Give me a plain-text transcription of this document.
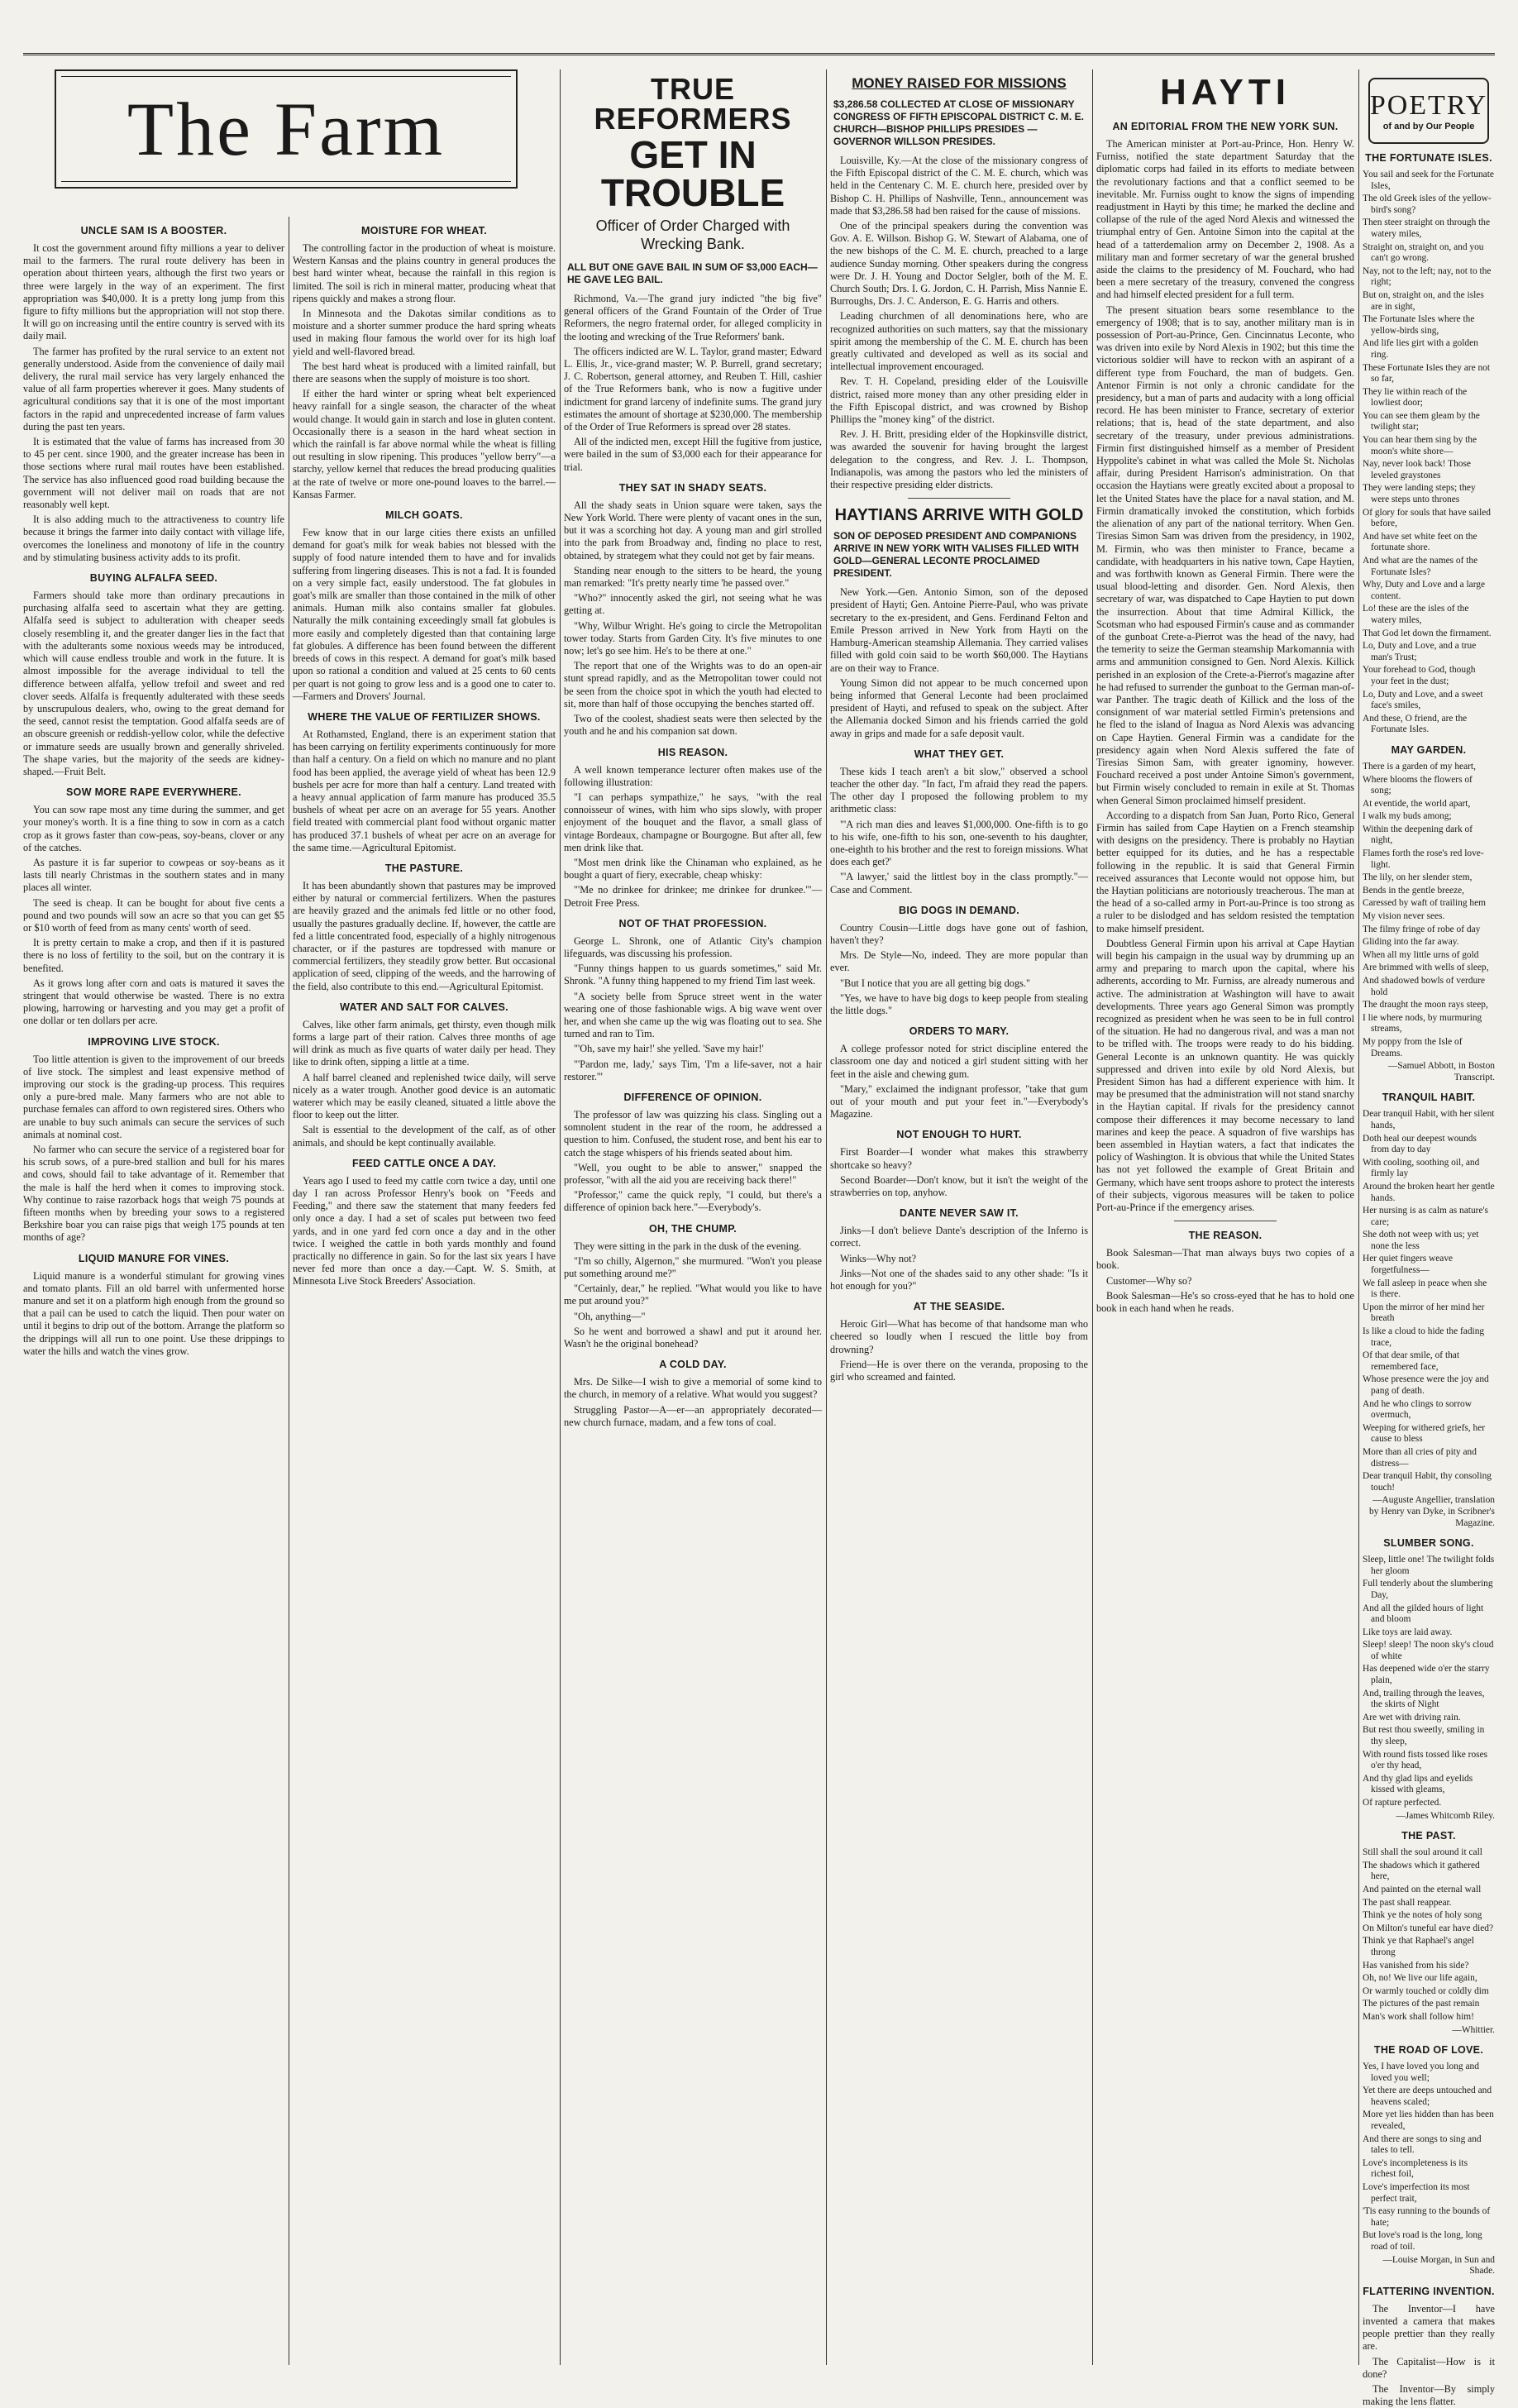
The Farm
UNCLE SAM IS A BOOSTER.

It cost the government around fifty millions a year to deliver mail to the farmers. The rural route delivery has been in operation about thirteen years, although the first two years or three were largely in the way of an experiment. The first appropriation was $40,000. It is a pretty long jump from this figure to fifty millions but the appropriation will not stop there. It will go on increasing until the entire country is served with its daily mail.

The farmer has profited by the rural service to an extent not generally understood. Aside from the convenience of daily mail delivery, the rural mail service has very largely enhanced the value of all farm properties wherever it goes. Many students of agricultural conditions say that it is one of the most important factors in the rapid and unprecedented increase of farm values during the past ten years.

It is estimated that the value of farms has increased from 30 to 45 per cent. since 1900, and the greater increase has been in those sections where rural mail routes have been established. The service has also influenced good road building because the government will not deliver mail on roads that are not reasonably well kept.

It is also adding much to the attractiveness to country life because it brings the farmer into daily contact with village life, overcomes the loneliness and monotony of life in the country and by stimulating business activity adds to its profit.

BUYING ALFALFA SEED.

Farmers should take more than ordinary precautions in purchasing alfalfa seed to ascertain what they are getting. Alfalfa seed is subject to adulteration with cheaper seeds closely resembling it, and the greater danger lies in the fact that with the adulterants some noxious weeds may be introduced, which will cause endless trouble and work in the future. It is almost impossible for the average individual to tell the difference between alfalfa, yellow trefoil and sweet and red clover seeds. Alfalfa is frequently adulterated with these seeds by unscrupulous dealers, who, owing to the great demand for the seed, cannot resist the temptation. Good alfalfa seeds are of an obscure greenish or reddish-yellow color, while the defective or immature seeds are usually brown and generally shriveled. The shape varies, but the majority of the seeds are kidney-shaped.—Fruit Belt.

SOW MORE RAPE EVERYWHERE.

You can sow rape most any time during the summer, and get your money's worth. It is a fine thing to sow in corn as a catch crop as it grows faster than cow-peas, soy-beans, clover or any of the catches.

As pasture it is far superior to cowpeas or soy-beans as it lasts till nearly Christmas in the southern states and in many places all winter.

The seed is cheap. It can be bought for about five cents a pound and two pounds will sow an acre so that you can get $5 or $10 worth of feed from as many cents' worth of seed.

It is pretty certain to make a crop, and then if it is pastured there is no loss of fertility to the soil, but on the contrary it is benefited.

As it grows long after corn and oats is matured it saves the stringent that would otherwise be wasted. There is no extra plowing, harrowing or harvesting and you may get a profit of one dollar or ten dollars per acre.

IMPROVING LIVE STOCK.

Too little attention is given to the improvement of our breeds of live stock. The simplest and least expensive method of improving our stock is the grading-up process. This requires only a pure-bred male. Many farmers who are not able to purchase females can afford to own registered sires. Others who are unable to buy such animals can secure the services of such animals at nominal cost.

No farmer who can secure the service of a registered boar for his scrub sows, of a pure-bred stallion and bull for his mares and cows, should fail to take advantage of it. Remember that the male is half the herd when it comes to improving stock. Why continue to raise razorback hogs that weigh 75 pounds at fifteen months when by breeding your sows to a registered Berkshire boar you can raise pigs that weigh 175 pounds at ten months of age?

LIQUID MANURE FOR VINES.

Liquid manure is a wonderful stimulant for growing vines and tomato plants. Fill an old barrel with unfermented horse manure and set it on a platform high enough from the ground so that a pail can be used to catch the liquid. Then pour water on until it begins to drip out of the bottom. Arrange the platform so the drippings will all run to one point. Use these drippings to water the hills and watch the vines grow.

MOISTURE FOR WHEAT.

The controlling factor in the production of wheat is moisture. Western Kansas and the plains country in general produces the best hard winter wheat, because the rainfall in this region is limited. The soil is rich in mineral matter, producing wheat that ripens quickly and makes a strong flour.

In Minnesota and the Dakotas similar conditions as to moisture and a shorter summer produce the hard spring wheats used in making flour famous the world over for its high loaf yield and well-flavored bread.

The best hard wheat is produced with a limited rainfall, but there are seasons when the supply of moisture is too short.

If either the hard winter or spring wheat belt experienced heavy rainfall for a single season, the character of the wheat would change. It would gain in starch and lose in gluten content. Occasionally there is a season in the hard wheat section in which the rainfall is far above normal while the wheat is filling out resulting in slow ripening. This produces "yellow berry"—a starchy, yellow kernel that reduces the bread producing qualities at the rate of twelve or more one-pound loaves to the barrel.—Kansas Farmer.

MILCH GOATS.

Few know that in our large cities there exists an unfilled demand for goat's milk for weak babies not blessed with the supply of food nature intended them to have and for invalids suffering from lingering diseases. This is not a fad. It is founded on a very simple fact, easily understood. The fat globules in goat's milk are smaller than those contained in the milk of other animals. Human milk also contains smaller fat globules. Naturally the milk containing exceedingly small fat globules is more easily and completely digested than that containing large fat globules. A difference has been found between the different breeds of cows in this respect. A demand for goat's milk based upon so rational a condition and valued at 25 cents to 60 cents per quart is not going to grow less and is a good one to cater to.—Farmers and Drovers' Journal.

WHERE THE VALUE OF FERTILIZER SHOWS.

At Rothamsted, England, there is an experiment station that has been carrying on fertility experiments continuously for more than half a century. On a field on which no manure and no plant food has been applied, the average yield of wheat has been 12.9 bushels per acre for more than half a century. Land treated with a heavy annual application of farm manure has produced 35.5 bushels of wheat per acre on an average for 55 years. Another field treated with commercial plant food without organic matter has produced 37.1 bushels of wheat per acre on an average for the same time.—Agricultural Epitomist.

THE PASTURE.

It has been abundantly shown that pastures may be improved either by natural or commercial fertilizers. When the pastures are heavily grazed and the animals fed little or no other food, usually the pastures gradually decline. If, however, the cattle are fed a little concentrated food, especially of a highly nitrogenous character, or if the pastures are topdressed with manure or commercial fertilizers, they steadily grow better. But occasional application of seed, clipping of the weeds, and the harrowing of the field, also contribute to this end.—Agricultural Epitomist.

WATER AND SALT FOR CALVES.

Calves, like other farm animals, get thirsty, even though milk forms a large part of their ration. Calves three months of age will drink as much as five quarts of water daily per head. They like to drink often, sipping a little at a time.

A half barrel cleaned and replenished twice daily, will serve nicely as a water trough. Another good device is an automatic waterer which may be easily cleaned, situated a little above the floor to keep out the litter.

Salt is essential to the development of the calf, as of other animals, and should be kept continually available.

FEED CATTLE ONCE A DAY.

Years ago I used to feed my cattle corn twice a day, until one day I ran across Professor Henry's book on "Feeds and Feeding," and there saw the statement that many feeders fed only once a day. I had a set of scales put between two feed yards, and in one yard fed corn once a day and in the other twice. I weighed the cattle in both yards monthly and found practically no difference in gain. So for the last six years I have never fed more than once a day.—Capt. W. S. Smith, at Minnesota Live Stock Breeders' Association.

TRUE REFORMERS
GET IN TROUBLE
Officer of Order Charged with Wrecking Bank.
ALL BUT ONE GAVE BAIL IN SUM OF $3,000 EACH—HE GAVE LEG BAIL.

Richmond, Va.—The grand jury indicted "the big five" general officers of the Grand Fountain of the Order of True Reformers, the negro fraternal order, for alleged complicity in the looting and wrecking of the True Reformers' bank.

The officers indicted are W. L. Taylor, grand master; Edward L. Ellis, Jr., vice-grand master; W. P. Burrell, grand secretary; J. C. Robertson, general attorney, and Reuben T. Hill, cashier of the True Reformers bank, who is now a fugitive under indictment for grand larceny of indefinite sums. The grand jury estimates the amount of shortage at $230,000. The membership of the Order of True Reformers is spread over 28 states.

All of the indicted men, except Hill the fugitive from justice, were bailed in the sum of $3,000 each for their appearance for trial.

THEY SAT IN SHADY SEATS.

All the shady seats in Union square were taken, says the New York World. There were plenty of vacant ones in the sun, but it was a scorching hot day. A young man and girl strolled into the park from Broadway and, finding no place to rest, obtained, by strategem what they could not get by fair means.

Standing near enough to the sitters to be heard, the young man remarked: "It's pretty nearly time 'he passed over."

"Who?" innocently asked the girl, not seeing what he was getting at.

"Why, Wilbur Wright. He's going to circle the Metropolitan tower today. Starts from Garden City. It's five minutes to one now; let's go see him. He's to be there at one."

The report that one of the Wrights was to do an open-air stunt spread rapidly, and as the Metropolitan tower could not be seen from the choice spot in which the youth had elected to sit, more than half of those occupying the benches started off.

Two of the coolest, shadiest seats were then selected by the youth and he and his companion sat down.

HIS REASON.

A well known temperance lecturer often makes use of the following illustration:

"I can perhaps sympathize," he says, "with the real connoisseur of wines, with him who sips slowly, with proper enjoyment of the bouquet and the flavor, a small glass of vintage Bordeaux, champagne or Bourgogne. But after all, few men drink like that.

"Most men drink like the Chinaman who explained, as he bought a quart of fiery, execrable, cheap whisky:

"'Me no drinkee for drinkee; me drinkee for drunkee.'"—Detroit Free Press.

NOT OF THAT PROFESSION.

George L. Shronk, one of Atlantic City's champion lifeguards, was discussing his profession.

"Funny things happen to us guards sometimes," said Mr. Shronk. "A funny thing happened to my friend Tim last week.

"A society belle from Spruce street went in the water wearing one of those fashionable wigs. A big wave went over her, and when she came up the wig was floating out to sea. She turned and ran to Tim.

"'Oh, save my hair!' she yelled. 'Save my hair!'

"'Pardon me, lady,' says Tim, 'I'm a life-saver, not a hair restorer.'"

DIFFERENCE OF OPINION.

The professor of law was quizzing his class. Singling out a somnolent student in the rear of the room, he addressed a question to him. Confused, the student rose, and bent his ear to catch the stage whispers of his friends seated about him.

"Well, you ought to be able to answer," snapped the professor, "with all the aid you are receiving back there!"

"Professor," came the quick reply, "I could, but there's a difference of opinion back here."—Everybody's.

OH, THE CHUMP.

They were sitting in the park in the dusk of the evening.

"I'm so chilly, Algernon," she murmured. "Won't you please put something around me?"

"Certainly, dear," he replied. "What would you like to have me put around you?"

"Oh, anything—"

So he went and borrowed a shawl and put it around her. Wasn't he the original bonehead?

A COLD DAY.

Mrs. De Silke—I wish to give a memorial of some kind to the church, in memory of a relative. What would you suggest?

Struggling Pastor—A—er—an appropriately decorated—new church furnace, madam, and a few tons of coal.

MONEY RAISED FOR MISSIONS
$3,286.58 COLLECTED AT CLOSE OF MISSIONARY CONGRESS OF FIFTH EPISCOPAL DISTRICT C. M. E. CHURCH—BISHOP PHILLIPS PRESIDES — GOVERNOR WILLSON PRESIDES.

Louisville, Ky.—At the close of the missionary congress of the Fifth Episcopal district of the C. M. E. church, which was held in the Centenary C. M. E. church here, presided over by Bishop C. H. Phillips of Nashville, Tenn., announcement was made that $3,286.58 had ben raised for the cause of missions.

One of the principal speakers during the convention was Gov. A. E. Willson. Bishop G. W. Stewart of Alabama, one of the new bishops of the C. M. E. church, preached to a large audience Sunday morning. Other speakers during the congress were Dr. J. H. Young and Doctor Selgler, both of the M. E. Church South; Drs. I. G. Jordon, C. H. Parrish, Miss Nannie E. Burroughs, Drs. J. C. Anderson, E. G. Harris and others.

Leading churchmen of all denominations here, who are recognized authorities on such matters, say that the missionary spirit among the membership of the C. M. E. church has been greatly cultivated and developed as well as its social and intellectual improvement encouraged.

Rev. T. H. Copeland, presiding elder of the Louisville district, raised more money than any other presiding elder in the Fifth Episcopal district, and was crowned by Bishop Phillips the "money king" of the district.

Rev. J. H. Britt, presiding elder of the Hopkinsville district, was awarded the souvenir for having brought the largest delegation to the congress, and Rev. J. L. Thompson, Indianapolis, was among the pastors who led the ministers of their respective presiding elder districts.

HAYTIANS ARRIVE WITH GOLD
SON OF DEPOSED PRESIDENT AND COMPANIONS ARRIVE IN NEW YORK WITH VALISES FILLED WITH GOLD—GENERAL LECONTE PROCLAIMED PRESIDENT.

New York.—Gen. Antonio Simon, son of the deposed president of Hayti; Gen. Antoine Pierre-Paul, who was private secretary to the ex-president, and Gens. Ferdinand Felton and Emile Presson arrived in New York from Hayti on the Hamburg-American steamship Allemania. They carried valises filled with gold coin said to be worth $60,000. The Haytians are on their way to France.

Young Simon did not appear to be much concerned upon being informed that General Leconte had been proclaimed president of Hayti, and refused to speak on the subject. After the Allemania docked Simon and his friends carried the gold away in grips and made for a safe deposit vault.

WHAT THEY GET.

These kids I teach aren't a bit slow," observed a school teacher the other day. "In fact, I'm afraid they read the papers. The other day I proposed the following problem to my arithmetic class:

"'A rich man dies and leaves $1,000,000. One-fifth is to go to his wife, one-fifth to his son, one-seventh to his daughter, one-eighth to his brother and the rest to foreign missions. What does each get?'

"'A lawyer,' said the littlest boy in the class promptly."—Case and Comment.

BIG DOGS IN DEMAND.

Country Cousin—Little dogs have gone out of fashion, haven't they?

Mrs. De Style—No, indeed. They are more popular than ever.

"But I notice that you are all getting big dogs."

"Yes, we have to have big dogs to keep people from stealing the little dogs."

ORDERS TO MARY.

A college professor noted for strict discipline entered the classroom one day and noticed a girl student sitting with her feet in the aisle and chewing gum.

"Mary," exclaimed the indignant professor, "take that gum out of your mouth and put your feet in."—Everybody's Magazine.

NOT ENOUGH TO HURT.

First Boarder—I wonder what makes this strawberry shortcake so heavy?

Second Boarder—Don't know, but it isn't the weight of the strawberries on top, anyhow.

DANTE NEVER SAW IT.

Jinks—I don't believe Dante's description of the Inferno is correct.

Winks—Why not?

Jinks—Not one of the shades said to any other shade: "Is it hot enough for you?"

AT THE SEASIDE.

Heroic Girl—What has become of that handsome man who cheered so loudly when I rescued the little boy from drowning?

Friend—He is over there on the veranda, proposing to the girl who screamed and fainted.

HAYTI
AN EDITORIAL FROM THE NEW YORK SUN.

The American minister at Port-au-Prince, Hon. Henry W. Furniss, notified the state department Saturday that the diplomatic corps had failed in its efforts to mediate between the revolutionary factions and that a conflict seemed to be inevitable. Mr. Furniss ought to know the signs of impending readjustment in Hayti by this time; he marked the decline and collapse of the rule of the aged Nord Alexis and witnessed the triumphal entry of Gen. Antoine Simon into the capital at the head of a tatterdemalion army on December 2, 1908. As a military man and former secretary of war the general brushed aside the claims to the presidency of M. Fouchard, who had been a mere secretary of the treasury, convened the congress and had himself elected president for a full term.

The present situation bears some resemblance to the emergency of 1908; that is to say, another military man is in possession of Port-au-Prince, Gen. Cincinnatus Leconte, who was driven into exile by Nord Alexis in 1902; but this time the victorious soldier will have to reckon with an aspirant of a different type from Fouchard, the man of budgets. Gen. Antenor Firmin is not only a chronic candidate for the presidency, but a man of parts and audacity with a long official record. He has been minister to France, secretary of exterior relations; that is, head of the state department, and also secretary of the treasury, under previous administrations. Firmin first distinguished himself as a member of President Hyppolite's cabinet in what was called the Mole St. Nicholas affair, during President Harrison's administration. On that occasion the Haytians were greatly excited about a proposal to let the United States have the place for a naval station, and M. Firmin dramatically invoked the constitution, which forbids the alienation of any part of the national territory. When Gen. Tiresias Simon Sam was driven from the presidency, in 1902, M. Firmin, who was then minister to France, became a candidate, with headquarters in his native town, Cape Haytien, and was forthwith known as General Firmin. There were the usual blood-letting and disorder. Gen. Nord Alexis, then secretary of war, was dispatched to Cape Haytien to put down the insurrection. About that time Admiral Killick, the Scotsman who had espoused Firmin's cause and as commander of the gunboat Crete-a-Pierrot was the head of the navy, had the temerity to seize the German steamship Markomannia with arms and ammunition consigned to Gen. Nord Alexis. Killick perished in an explosion of the Crete-a-Pierrot's magazine after he had refused to surrender the gunboat to the German man-of-war Panther. The tragic death of Killick and the loss of the consignment of war material settled Firmin's pretensions and he fled to the island of Inagua as Nord Alexis was advancing on Cape Haytien. General Firmin was a candidate for the presidency again when Nord Alexis suffered the fate of Tiresias Simon Sam, with greater ignominy, however. Fouchard received a post under Antoine Simon's government, but Firmin wisely concluded to remain in exile at St. Thomas when General Simon proclaimed himself president.

According to a dispatch from San Juan, Porto Rico, General Firmin has sailed from Cape Haytien on a French steamship with designs on the presidency. There is probably no Haytian better equipped for its duties, and he has a respectable following in the republic. It is said that General Firmin received assurances that Leconte would not oppose him, but the Haytian politicians are notoriously treacherous. The man at the head of a so-called army in Port-au-Prince is too strong as a ruler to be dislodged and has seldom resisted the temptation to make himself president.

Doubtless General Firmin upon his arrival at Cape Haytian will begin his campaign in the usual way by drumming up an army and preparing to march upon the capital, where his adherents, according to Mr. Furniss, are already numerous and active. The administration at Washington will have to await developments. Three years ago General Simon was promptly recognized as president when he was seen to be in full control of the situation. He had no dangerous rival, and was a man not to be trifled with. The troops were ready to do his bidding. General Leconte is an unknown quantity. He was quickly suppressed and driven into exile by old Nord Alexis, but President Simon has had a different experience with him. It may be presumed that the administration will not stand snarchy in the Haytian capital. If rivals for the presidency cannot compose their differences it may become necessary to land marines and keep the peace. A squadron of five warships has been assembled in Haytian waters, a fact that indicates the policy of Washington. It is obvious that while the United States has not yet followed the example of Great Britain and Germany, which have sent troops ashore to protect the interests of their subjects, vigorous measures will be taken to police Port-au-Prince if the emergency arises.

THE REASON.

Book Salesman—That man always buys two copies of a book.

Customer—Why so?

Book Salesman—He's so cross-eyed that he has to hold one book in each hand when he reads.

POETRY
of and by Our People
THE FORTUNATE ISLES.
You sail and seek for the Fortunate Isles,
The old Greek isles of the yellow-bird's song?
Then steer straight on through the watery miles,
Straight on, straight on, and you can't go wrong.
Nay, not to the left; nay, not to the right;
But on, straight on, and the isles are in sight,
The Fortunate Isles where the yellow-birds sing,
And life lies girt with a golden ring.
These Fortunate Isles they are not so far,
They lie within reach of the lowliest door;
You can see them gleam by the twilight star;
You can hear them sing by the moon's white shore—
Nay, never look back! Those leveled graystones
They were landing steps; they were steps unto thrones
Of glory for souls that have sailed before,
And have set white feet on the fortunate shore.
And what are the names of the Fortunate Isles?
Why, Duty and Love and a large content.
Lo! these are the isles of the watery miles,
That God let down the firmament.
Lo, Duty and Love, and a true man's Trust;
Your forehead to God, though your feet in the dust;
Lo, Duty and Love, and a sweet face's smiles,
And these, O friend, are the Fortunate Isles.
MAY GARDEN.
There is a garden of my heart,
Where blooms the flowers of song;
At eventide, the world apart,
I walk my buds among;
Within the deepening dark of night,
Flames forth the rose's red love-light.
The lily, on her slender stem,
Bends in the gentle breeze,
Caressed by waft of trailing hem
My vision never sees.
The filmy fringe of robe of day
Gliding into the far away.
When all my little urns of gold
Are brimmed with wells of sleep,
And shadowed bowls of verdure hold
The draught the moon rays steep,
I lie where nods, by murmuring streams,
My poppy from the Isle of Dreams.
—Samuel Abbott, in Boston Transcript.
TRANQUIL HABIT.
Dear tranquil Habit, with her silent hands,
Doth heal our deepest wounds from day to day
With cooling, soothing oil, and firmly lay
Around the broken heart her gentle hands.
Her nursing is as calm as nature's care;
She doth not weep with us; yet none the less
Her quiet fingers weave forgetfulness—
We fall asleep in peace when she is there.
Upon the mirror of her mind her breath
Is like a cloud to hide the fading trace,
Of that dear smile, of that remembered face,
Whose presence were the joy and pang of death.
And he who clings to sorrow overmuch,
Weeping for withered griefs, her cause to bless
More than all cries of pity and distress—
Dear tranquil Habit, thy consoling touch!
—Auguste Angellier, translation by Henry van Dyke, in Scribner's Magazine.
SLUMBER SONG.
Sleep, little one! The twilight folds her gloom
Full tenderly about the slumbering Day,
And all the gilded hours of light and bloom
Like toys are laid away.
Sleep! sleep! The noon sky's cloud of white
Has deepened wide o'er the starry plain,
And, trailing through the leaves, the skirts of Night
Are wet with driving rain.
But rest thou sweetly, smiling in thy sleep,
With round fists tossed like roses o'er thy head,
And thy glad lips and eyelids kissed with gleams,
Of rapture perfected.
—James Whitcomb Riley.
THE PAST.
Still shall the soul around it call
The shadows which it gathered here,
And painted on the eternal wall
The past shall reappear.
Think ye the notes of holy song
On Milton's tuneful ear have died?
Think ye that Raphael's angel throng
Has vanished from his side?
Oh, no! We live our life again,
Or warmly touched or coldly dim
The pictures of the past remain
Man's work shall follow him!
—Whittier.
THE ROAD OF LOVE.
Yes, I have loved you long and loved you well;
Yet there are deeps untouched and heavens scaled;
More yet lies hidden than has been revealed,
And there are songs to sing and tales to tell.
Love's incompleteness is its richest foil,
Love's imperfection its most perfect trait,
'Tis easy running to the bounds of hate;
But love's road is the long, long road of toil.
—Louise Morgan, in Sun and Shade.
FLATTERING INVENTION.

The Inventor—I have invented a camera that makes people prettier than they really are.

The Capitalist—How is it done?

The Inventor—By simply making the lens flatter.
